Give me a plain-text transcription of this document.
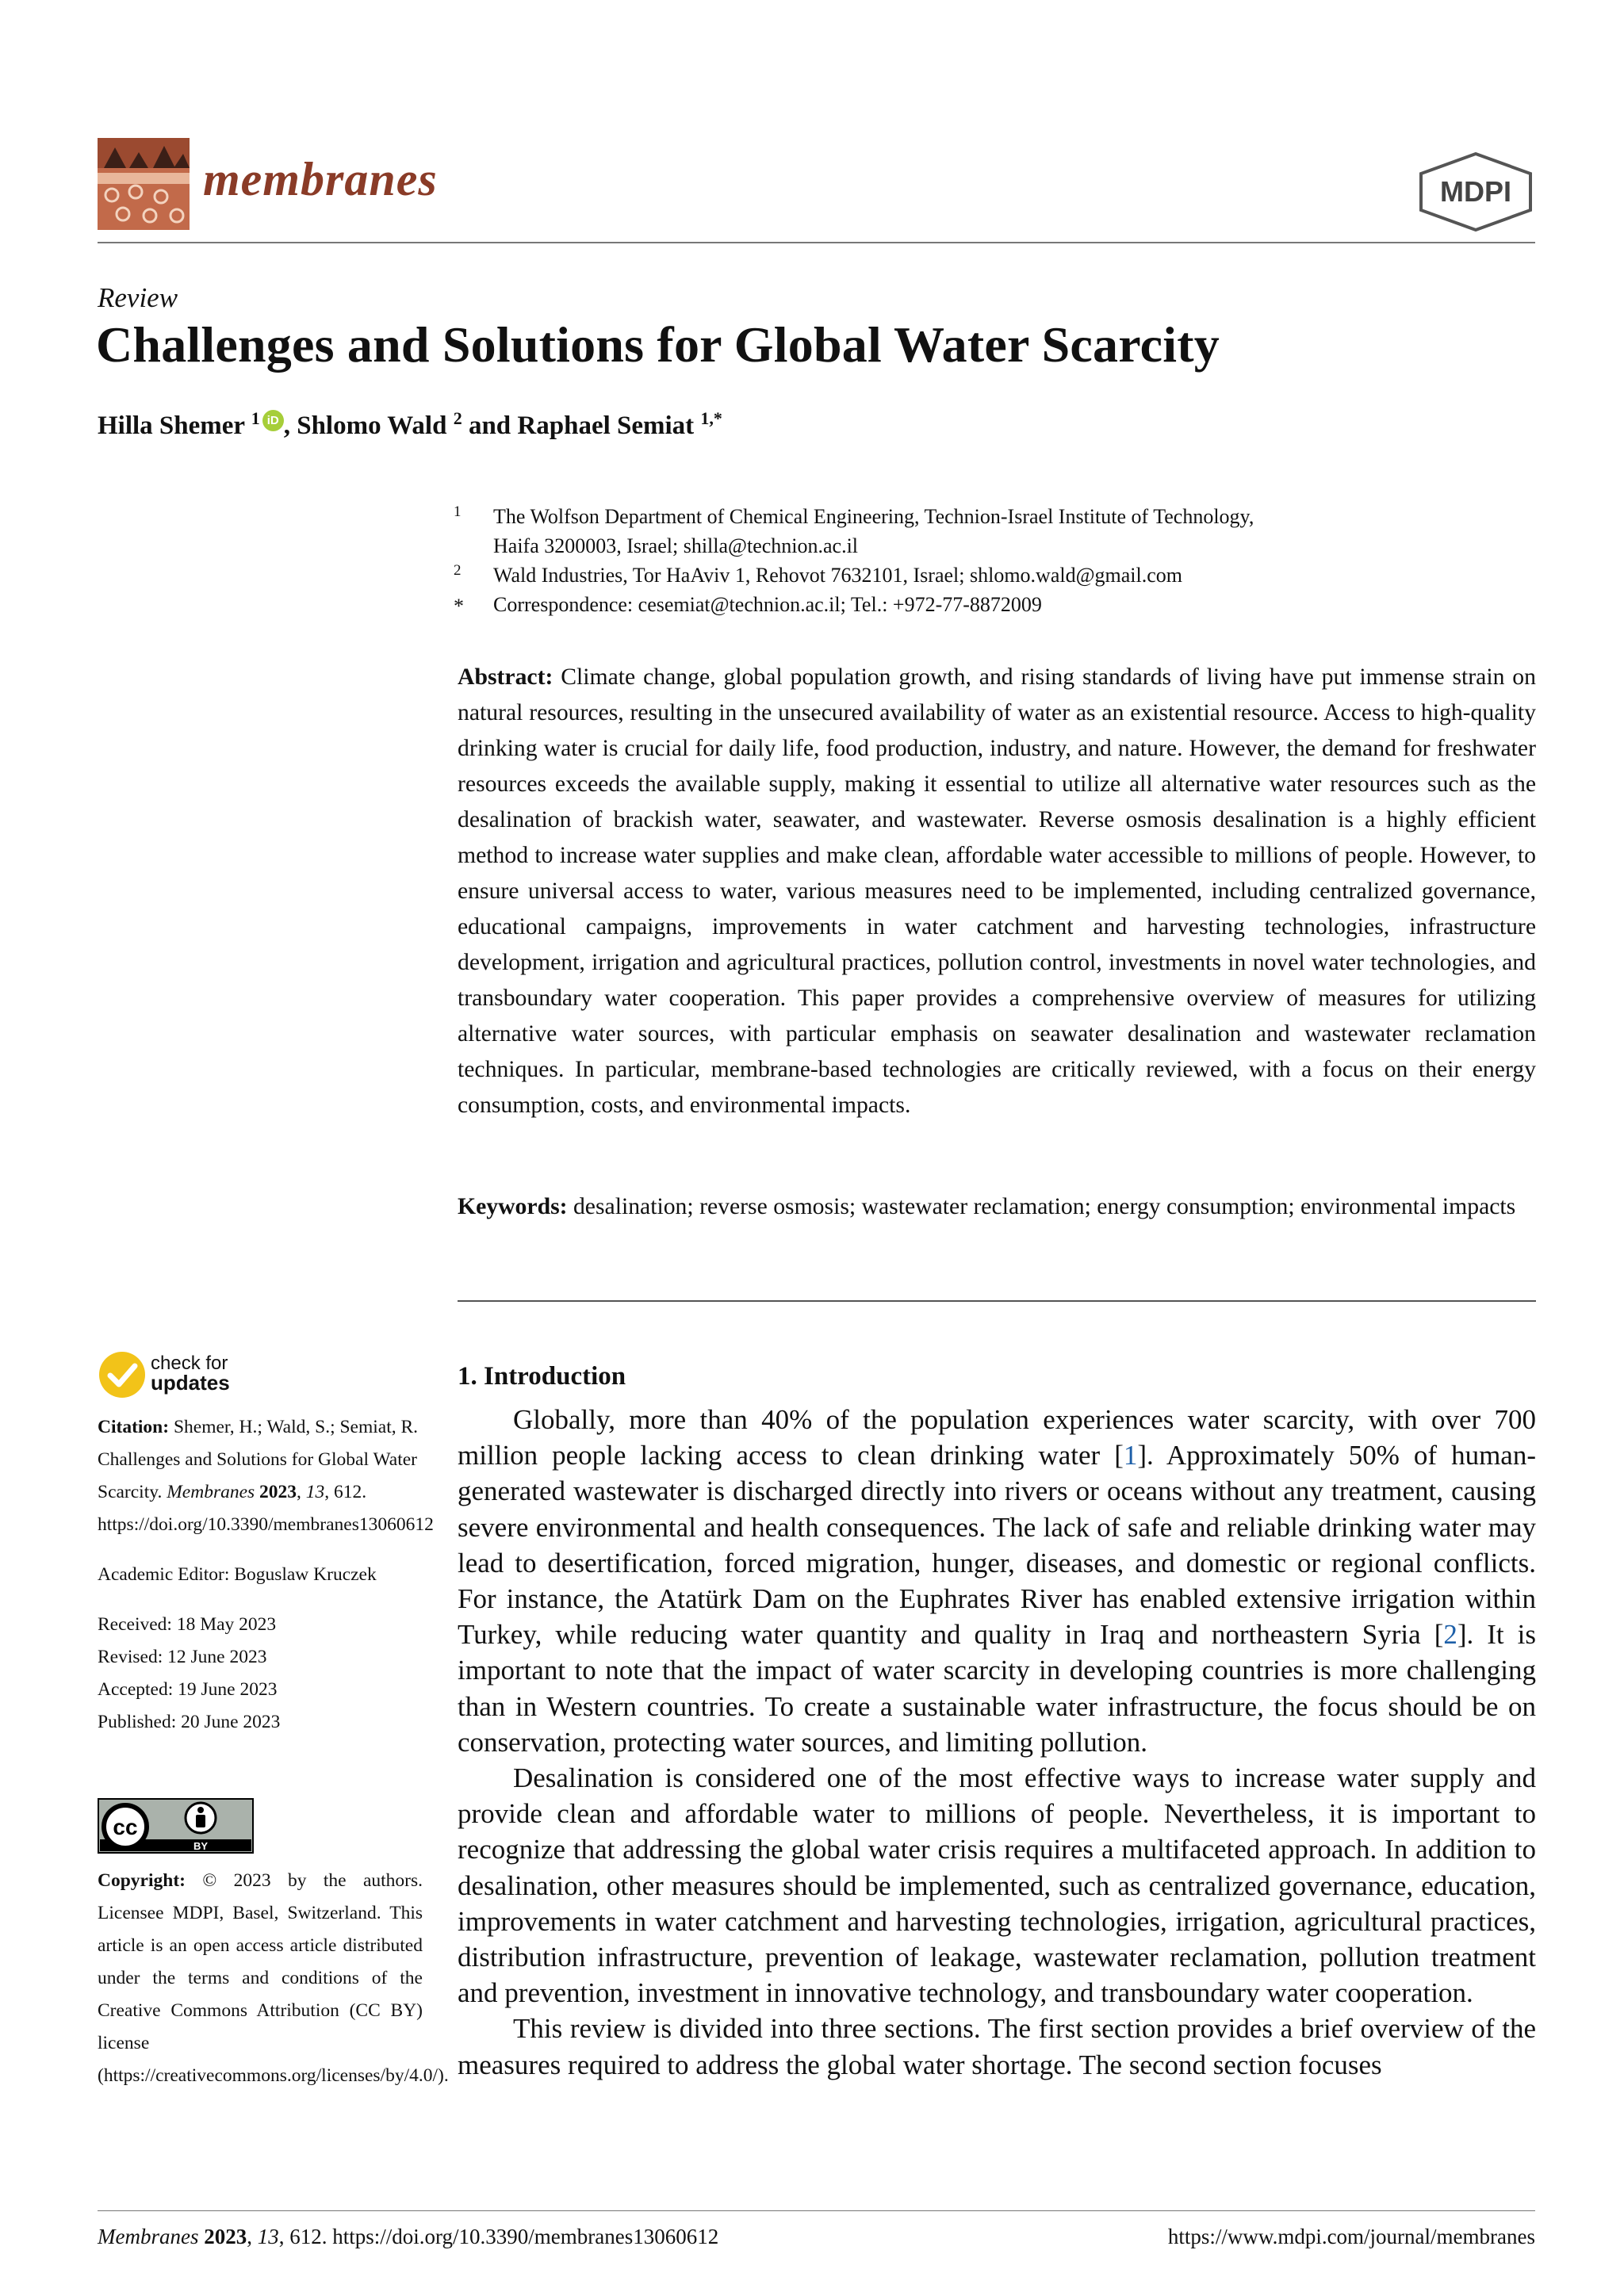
membranes	MDPI
Review
Challenges and Solutions for Global Water Scarcity
Hilla Shemer $^1$ iD , Shlomo Wald $^2$ and Raphael Semiat $^{1,*}$
1 The Wolfson Department of Chemical Engineering, Technion-Israel Institute of Technology,
Haifa 3200003, Israel; shilla@technion.ac.il
2 Wald Industries, Tor HaAviv 1, Rehovot 7632101, Israel; shlomo.wald@gmail.com
* Correspondence: cesemiat@technion.ac.il; Tel.: +972-77-8872009
Abstract: Climate change, global population growth, and rising standards of living have put immense strain on natural resources, resulting in the unsecured availability of water as an existential resource. Access to high-quality drinking water is crucial for daily life, food production, industry, and nature. However, the demand for freshwater resources exceeds the available supply, making it essential to utilize all alternative water resources such as the desalination of brackish water, seawater, and wastewater. Reverse osmosis desalination is a highly efficient method to increase water supplies and make clean, affordable water accessible to millions of people. However, to ensure universal access to water, various measures need to be implemented, including centralized governance, educational campaigns, improvements in water catchment and harvesting technologies, infrastructure development, irrigation and agricultural practices, pollution control, investments in novel water technologies, and transboundary water cooperation. This paper provides a comprehensive overview of measures for utilizing alternative water sources, with particular emphasis on seawater desalination and wastewater reclamation techniques. In particular, membrane-based technologies are critically reviewed, with a focus on their energy consumption, costs, and environmental impacts.
Keywords: desalination; reverse osmosis; wastewater reclamation; energy consumption; environmental impacts
check for
updates

Citation: Shemer, H.; Wald, S.; Semiat, R. Challenges and Solutions for Global Water Scarcity. Membranes 2023, 13, 612. https://doi.org/10.3390/membranes13060612

Academic Editor: Boguslaw Kruczek

Received: 18 May 2023

Revised: 12 June 2023

Accepted: 19 June 2023

Published: 20 June 2023

cc
BY
Copyright: © 2023 by the authors. Licensee MDPI, Basel, Switzerland. This article is an open access article distributed under the terms and conditions of the Creative Commons Attribution (CC BY) license (https://creativecommons.org/licenses/by/4.0/).
1. Introduction

Globally, more than 40% of the population experiences water scarcity, with over 700 million people lacking access to clean drinking water [1]. Approximately 50% of human-generated wastewater is discharged directly into rivers or oceans without any treatment, causing severe environmental and health consequences. The lack of safe and reliable drinking water may lead to desertification, forced migration, hunger, diseases, and domestic or regional conflicts. For instance, the Atatürk Dam on the Euphrates River has enabled extensive irrigation within Turkey, while reducing water quantity and quality in Iraq and northeastern Syria [2]. It is important to note that the impact of water scarcity in developing countries is more challenging than in Western countries. To create a sustainable water infrastructure, the focus should be on conservation, protecting water sources, and limiting pollution.

Desalination is considered one of the most effective ways to increase water supply and provide clean and affordable water to millions of people. Nevertheless, it is important to recognize that addressing the global water crisis requires a multifaceted approach. In addition to desalination, other measures should be implemented, such as centralized governance, education, improvements in water catchment and harvesting technologies, irrigation, agricultural practices, distribution infrastructure, prevention of leakage, wastewater reclamation, pollution treatment and prevention, investment in innovative technology, and transboundary water cooperation.

This review is divided into three sections. The first section provides a brief overview of the measures required to address the global water shortage. The second section focuses

Membranes 2023, 13, 612. https://doi.org/10.3390/membranes13060612	https://www.mdpi.com/journal/membranes
